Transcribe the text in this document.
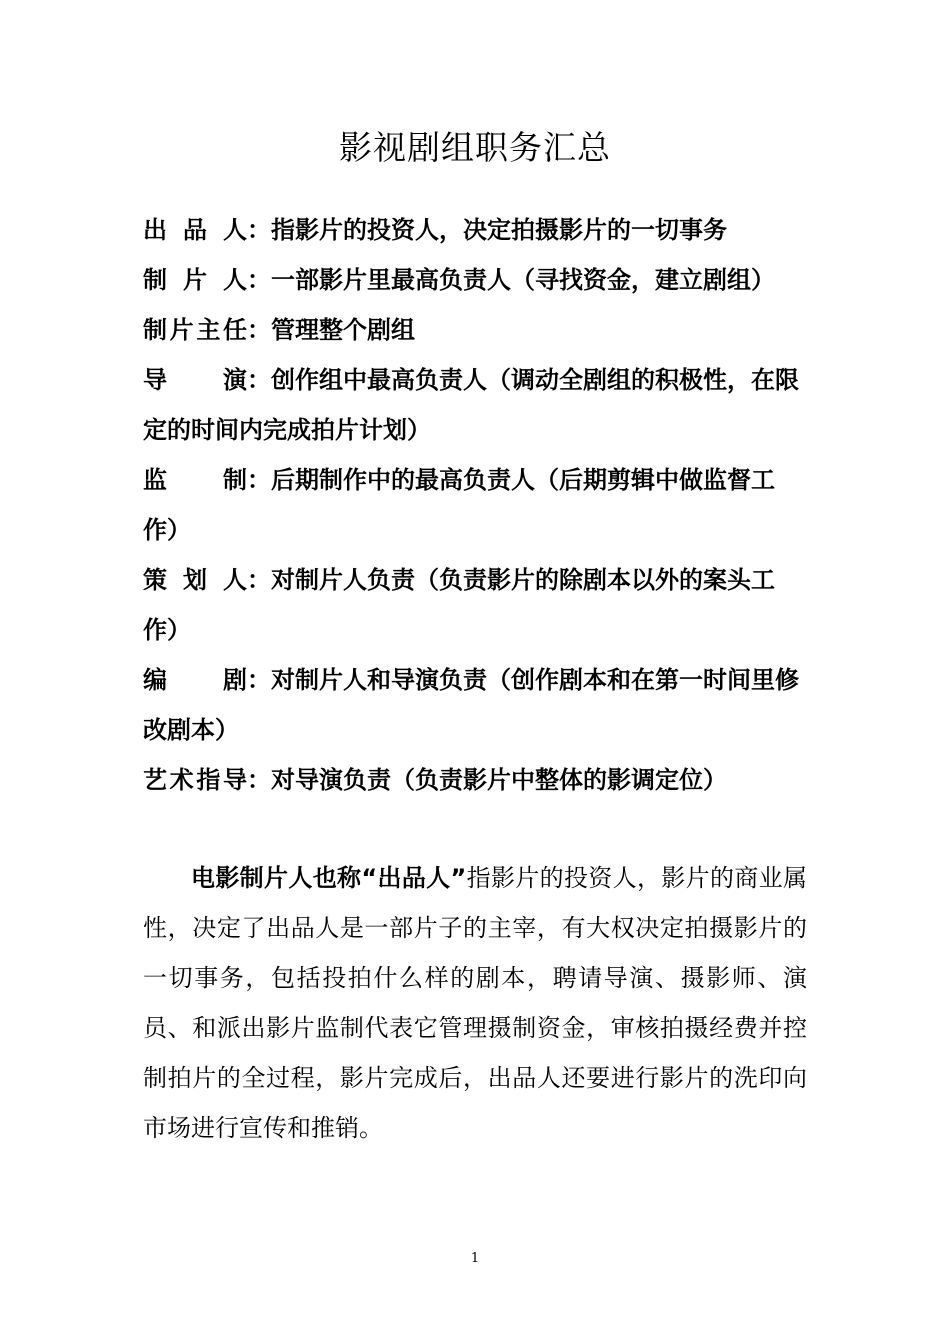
影视剧组职务汇总
出品人：指影片的投资人，决定拍摄影片的一切事务
制片人：一部影片里最高负责人（寻找资金，建立剧组）
制片主任：管理整个剧组
导演：创作组中最高负责人（调动全剧组的积极性，在限定的时间内完成拍片计划）
监制：后期制作中的最高负责人（后期剪辑中做监督工作）
策划人：对制片人负责（负责影片的除剧本以外的案头工作）
编剧：对制片人和导演负责（创作剧本和在第一时间里修改剧本）
艺术指导：对导演负责（负责影片中整体的影调定位）

电影制片人也称“出品人”指影片的投资人，影片的商业属性，决定了出品人是一部片子的主宰，有大权决定拍摄影片的一切事务，包括投拍什么样的剧本，聘请导演、摄影师、演员、和派出影片监制代表它管理摄制资金，审核拍摄经费并控制拍片的全过程，影片完成后，出品人还要进行影片的洗印向市场进行宣传和推销。

1
